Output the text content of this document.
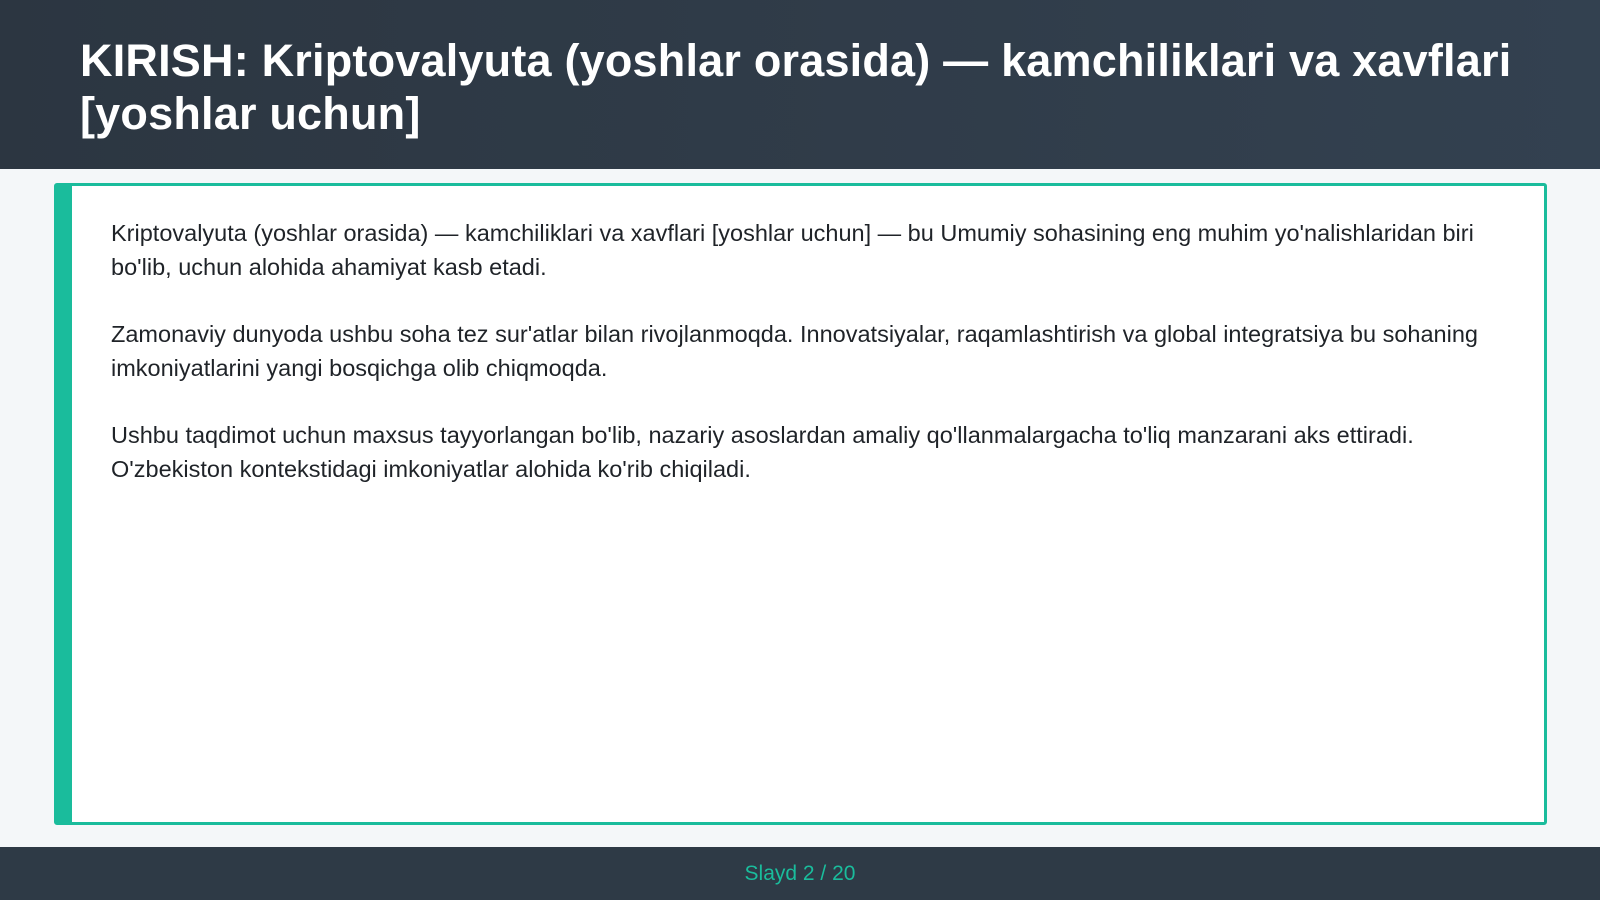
KIRISH: Kriptovalyuta (yoshlar orasida) — kamchiliklari va xavflari [yoshlar uchun]

Kriptovalyuta (yoshlar orasida) — kamchiliklari va xavflari [yoshlar uchun] — bu Umumiy sohasining eng muhim yo'nalishlaridan biri bo'lib, uchun alohida ahamiyat kasb etadi.

Zamonaviy dunyoda ushbu soha tez sur'atlar bilan rivojlanmoqda. Innovatsiyalar, raqamlashtirish va global integratsiya bu sohaning imkoniyatlarini yangi bosqichga olib chiqmoqda.

Ushbu taqdimot uchun maxsus tayyorlangan bo'lib, nazariy asoslardan amaliy qo'llanmalargacha to'liq manzarani aks ettiradi. O'zbekiston kontekstidagi imkoniyatlar alohida ko'rib chiqiladi.

Slayd 2 / 20
